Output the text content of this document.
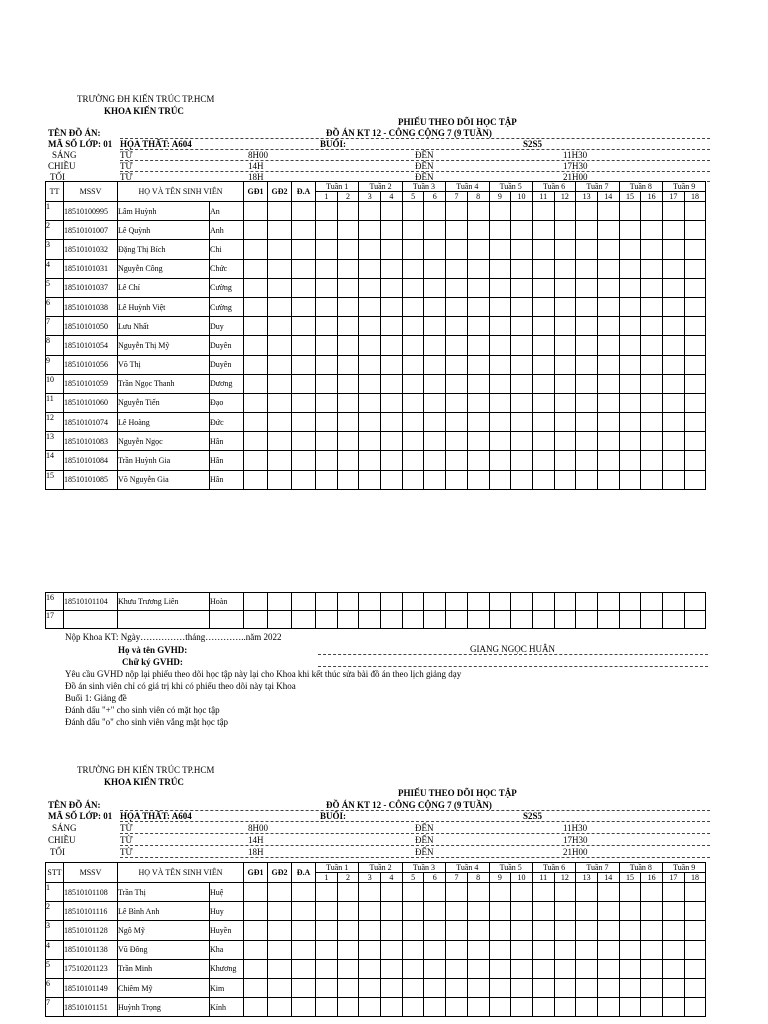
TRƯỜNG ĐH KIẾN TRÚC TP.HCM
KHOA KIẾN TRÚC
PHIẾU THEO DÕI HỌC TẬP
TÊN ĐỒ ÁN:	ĐỒ ÁN KT 12 - CÔNG CỘNG 7 (9 TUẦN)
MÃ SỐ LỚP: 01 HỌA THẤT: A604	BUỔI:	S2S5
SÁNG	TỪ	8H00	ĐẾN	11H30
CHIỀU	TỪ	14H	ĐẾN	17H30
TỐI	TỪ	18H	ĐẾN	21H00
TT	MSSV	HỌ VÀ TÊN SINH VIÊN		GĐ1	GĐ2	Đ.A	Tuần 1		Tuần 2		Tuần 3		Tuần 4		Tuần 5		Tuần 6		Tuần 7		Tuần 8		Tuần 9	
							1	2	3	4	5	6	7	8	9	10	11	12	13	14	15	16	17	18
1	18510100995	Lâm Huỳnh	An																					
2	18510101007	Lê Quỳnh	Anh																					
3	18510101032	Đặng Thị Bích	Chi																					
4	18510101031	Nguyễn Công	Chức																					
5	18510101037	Lê Chí	Cường																					
6	18510101038	Lê Huỳnh Việt	Cường																					
7	18510101050	Lưu Nhất	Duy																					
8	18510101054	Nguyễn Thị Mỹ	Duyên																					
9	18510101056	Võ Thị	Duyên																					
10	18510101059	Trần Ngọc Thanh	Dương																					
11	18510101060	Nguyễn Tiến	Đạo																					
12	18510101074	Lê Hoàng	Đức																					
13	18510101083	Nguyễn Ngọc	Hân																					
14	18510101084	Trần Huỳnh Gia	Hân																					
15	18510101085	Võ Nguyễn Gia	Hân																					
16	18510101104	Khưu Trương Liên	Hoàn																					
17																								
Nộp Khoa KT: Ngày……………tháng…………..năm 2022
Họ và tên GVHD:	GIANG NGỌC HUÂN
Chữ ký GVHD:
Yêu cầu GVHD nộp lại phiếu theo dõi học tập này lại cho Khoa khi kết thúc sửa bài đồ án theo lịch giảng dạy
Đồ án sinh viên chỉ có giá trị khi có phiếu theo dõi này tại Khoa
Buổi 1: Giảng đề
Đánh dấu "+" cho sinh viên có mặt học tập
Đánh dấu "o" cho sinh viên vắng mặt học tập
TRƯỜNG ĐH KIẾN TRÚC TP.HCM
KHOA KIẾN TRÚC
PHIẾU THEO DÕI HỌC TẬP
TÊN ĐỒ ÁN:	ĐỒ ÁN KT 12 - CÔNG CỘNG 7 (9 TUẦN)
MÃ SỐ LỚP: 01 HỌA THẤT: A604	BUỔI:	S2S5
SÁNG	TỪ	8H00	ĐẾN	11H30
CHIỀU	TỪ	14H	ĐẾN	17H30
TỐI	TỪ	18H	ĐẾN	21H00
STT	MSSV	HỌ VÀ TÊN SINH VIÊN		GĐ1	GĐ2	Đ.A	Tuần 1		Tuần 2		Tuần 3		Tuần 4		Tuần 5		Tuần 6		Tuần 7		Tuần 8		Tuần 9	
							1	2	3	4	5	6	7	8	9	10	11	12	13	14	15	16	17	18
1	18510101108	Trần Thị	Huệ																					
2	18510101116	Lê Bình Anh	Huy																					
3	18510101128	Ngô Mỹ	Huyền																					
4	18510101138	Vũ Đông	Kha																					
5	17510201123	Trần Minh	Khương																					
6	18510101149	Chiêm Mỹ	Kim																					
7	18510101151	Huỳnh Trọng	Kính																					
